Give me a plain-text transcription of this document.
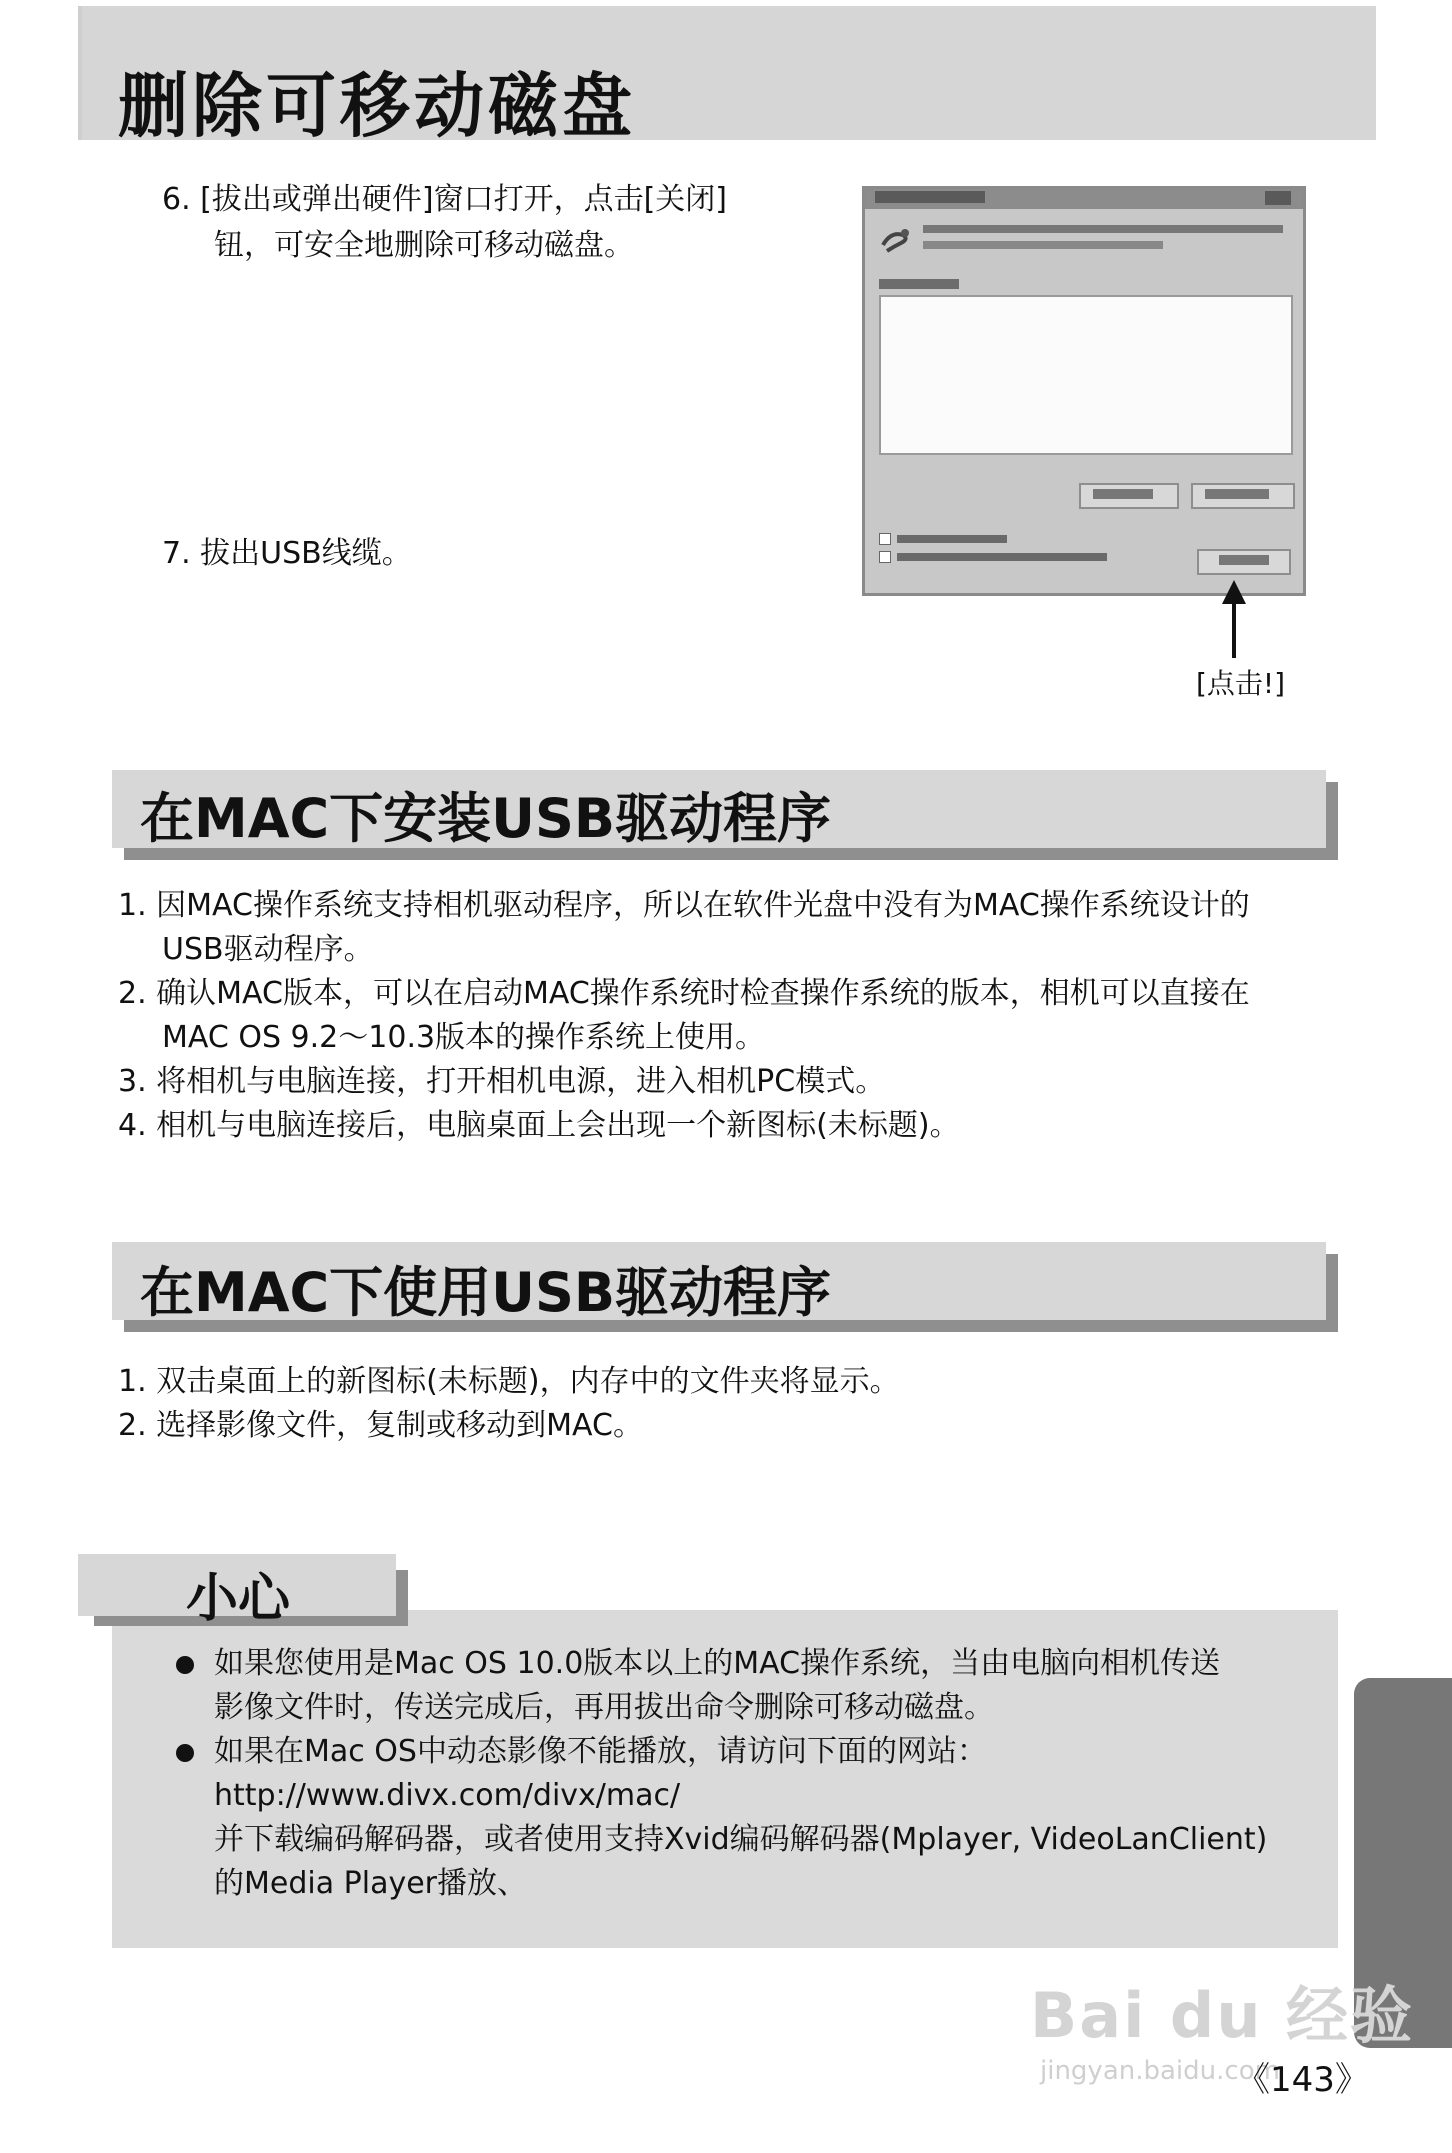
删除可移动磁盘
6. [拔出或弹出硬件]窗口打开，点击[关闭]
钮，可安全地删除可移动磁盘。
7. 拔出USB线缆。
[点击!]
在MAC下安装USB驱动程序
1. 因MAC操作系统支持相机驱动程序，所以在软件光盘中没有为MAC操作系统设计的
USB驱动程序。
2. 确认MAC版本，可以在启动MAC操作系统时检查操作系统的版本，相机可以直接在
MAC OS 9.2～10.3版本的操作系统上使用。
3. 将相机与电脑连接，打开相机电源，进入相机PC模式。
4. 相机与电脑连接后，电脑桌面上会出现一个新图标(未标题)。
在MAC下使用USB驱动程序
1. 双击桌面上的新图标(未标题)，内存中的文件夹将显示。
2. 选择影像文件，复制或移动到MAC。
小心
如果您使用是Mac OS 10.0版本以上的MAC操作系统，当由电脑向相机传送
影像文件时，传送完成后，再用拔出命令删除可移动磁盘。
如果在Mac OS中动态影像不能播放，请访问下面的网站：
http://www.divx.com/divx/mac/
并下载编码解码器，或者使用支持Xvid编码解码器(Mplayer, VideoLanClient)
的Media Player播放、
Bai du 经验
jingyan.baidu.com
《143》
